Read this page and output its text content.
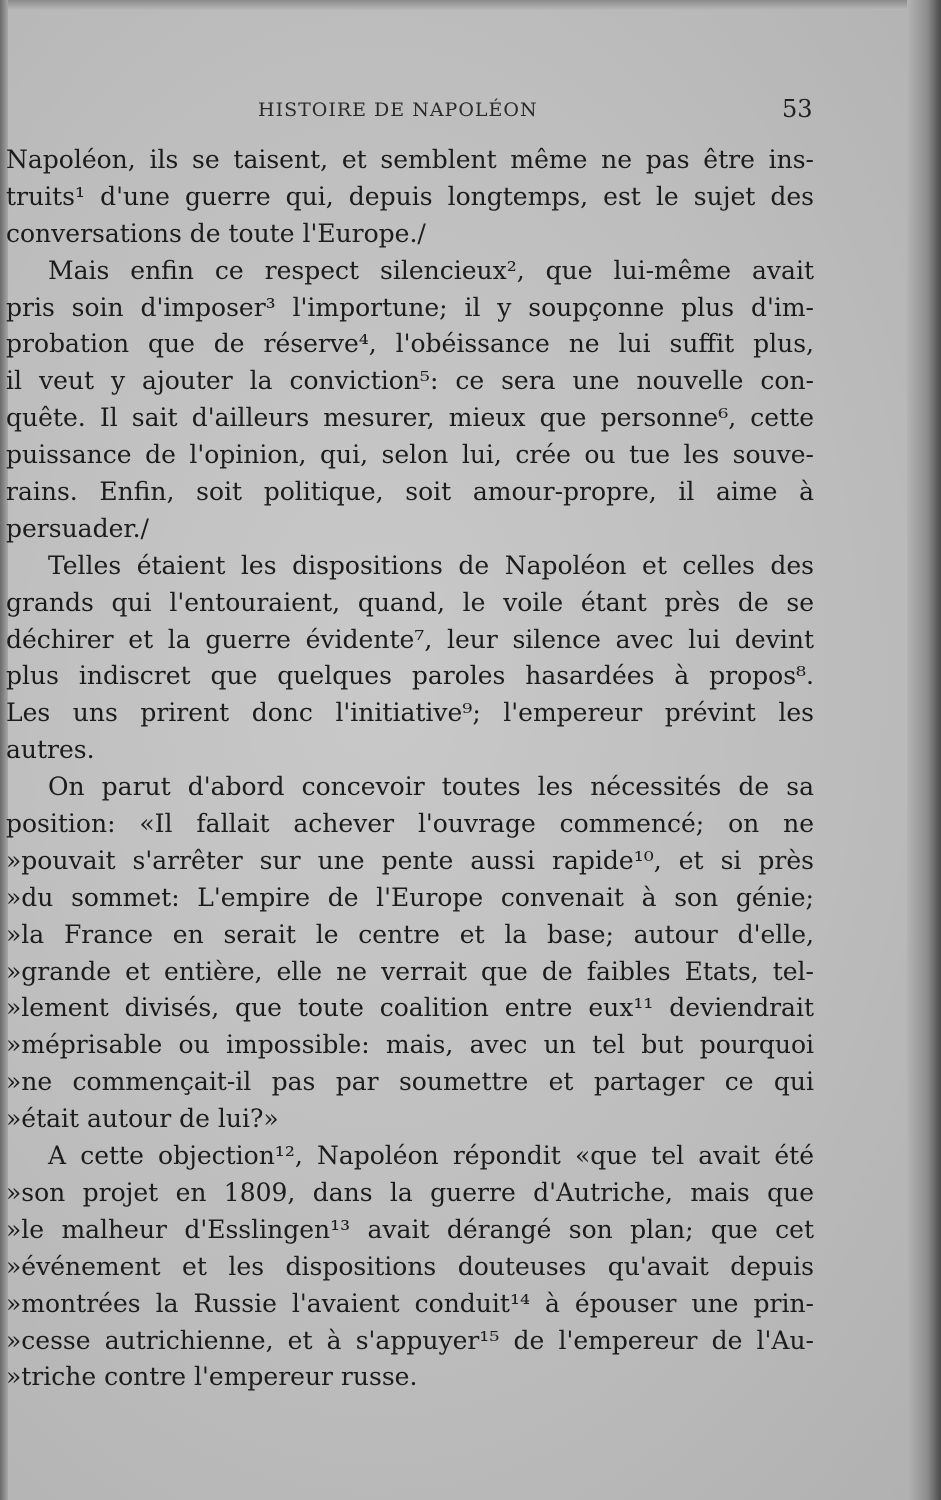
HISTOIRE DE NAPOLÉON	53
Napoléon, ils se taisent, et semblent même ne pas être ins-
truits¹ d'une guerre qui, depuis longtemps, est le sujet des
conversations de toute l'Europe./
Mais enfin ce respect silencieux², que lui-même avait
pris soin d'imposer³ l'importune; il y soupçonne plus d'im-
probation que de réserve⁴, l'obéissance ne lui suffit plus,
il veut y ajouter la conviction⁵: ce sera une nouvelle con-
quête. Il sait d'ailleurs mesurer, mieux que personne⁶, cette
puissance de l'opinion, qui, selon lui, crée ou tue les souve-
rains. Enfin, soit politique, soit amour-propre, il aime à
persuader./
Telles étaient les dispositions de Napoléon et celles des
grands qui l'entouraient, quand, le voile étant près de se
déchirer et la guerre évidente⁷, leur silence avec lui devint
plus indiscret que quelques paroles hasardées à propos⁸.
Les uns prirent donc l'initiative⁹; l'empereur prévint les
autres.
On parut d'abord concevoir toutes les nécessités de sa
position: «Il fallait achever l'ouvrage commencé; on ne
»pouvait s'arrêter sur une pente aussi rapide¹⁰, et si près
»du sommet: L'empire de l'Europe convenait à son génie;
»la France en serait le centre et la base; autour d'elle,
»grande et entière, elle ne verrait que de faibles Etats, tel-
»lement divisés, que toute coalition entre eux¹¹ deviendrait
»méprisable ou impossible: mais, avec un tel but pourquoi
»ne commençait-il pas par soumettre et partager ce qui
»était autour de lui?»
A cette objection¹², Napoléon répondit «que tel avait été
»son projet en 1809, dans la guerre d'Autriche, mais que
»le malheur d'Esslingen¹³ avait dérangé son plan; que cet
»événement et les dispositions douteuses qu'avait depuis
»montrées la Russie l'avaient conduit¹⁴ à épouser une prin-
»cesse autrichienne, et à s'appuyer¹⁵ de l'empereur de l'Au-
»triche contre l'empereur russe.
